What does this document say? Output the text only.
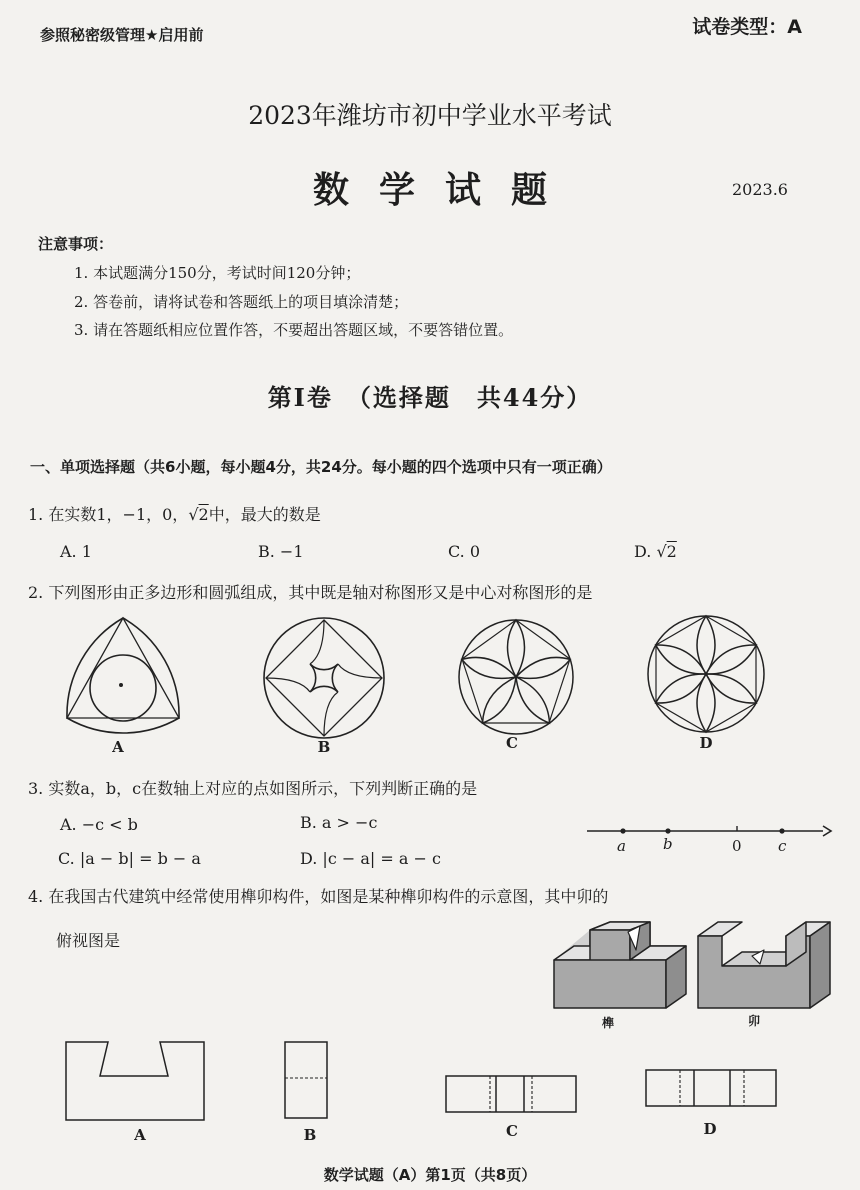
参照秘密级管理★启用前	试卷类型：A
2023年潍坊市初中学业水平考试
数学试题	2023.6
注意事项：
1. 本试题满分150分，考试时间120分钟；
2. 答卷前，请将试卷和答题纸上的项目填涂清楚；
3. 请在答题纸相应位置作答，不要超出答题区域，不要答错位置。
第Ⅰ卷　（选择题　共44分）
一、单项选择题（共6小题，每小题4分，共24分。每小题的四个选项中只有一项正确）
1. 在实数1，−1，0，√2中，最大的数是
A. 1	B. −1	C. 0	D. √2
2. 下列图形由正多边形和圆弧组成，其中既是轴对称图形又是中心对称图形的是
A	B	C	D
3. 实数a，b，c在数轴上对应的点如图所示，下列判断正确的是
A. −c < b	B. a > −c
C. |a − b| = b − a	D. |c − a| = a − c
a b	0 c
4. 在我国古代建筑中经常使用榫卯构件，如图是某种榫卯构件的示意图，其中卯的
俯视图是
榫	卯
A	B	C	D
数学试题（A）第1页（共8页）
